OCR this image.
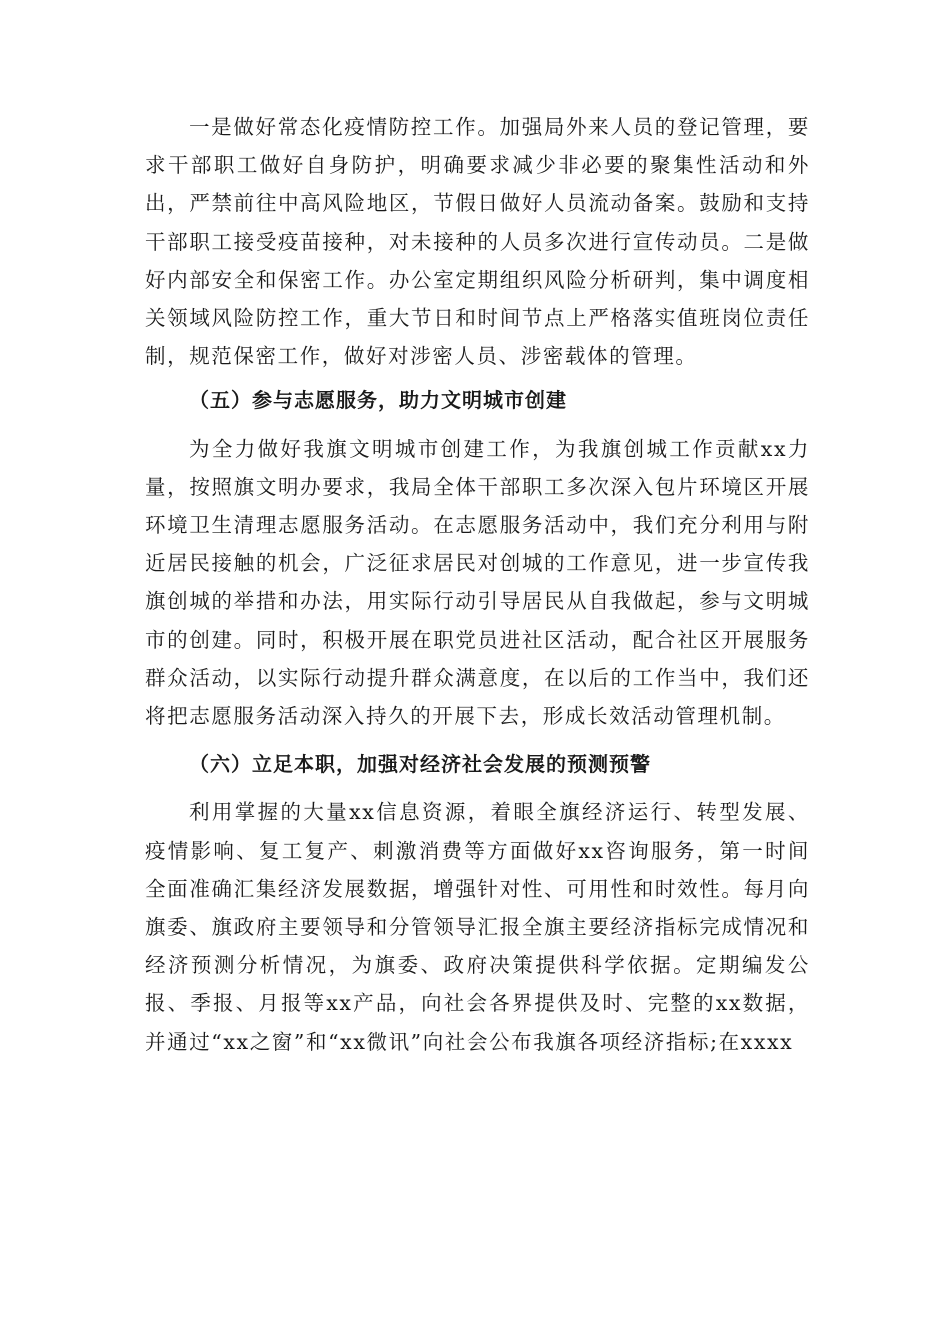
一是做好常态化疫情防控工作。加强局外来人员的登记管理，要求干部职工做好自身防护，明确要求减少非必要的聚集性活动和外出，严禁前往中高风险地区，节假日做好人员流动备案。鼓励和支持干部职工接受疫苗接种，对未接种的人员多次进行宣传动员。二是做好内部安全和保密工作。办公室定期组织风险分析研判，集中调度相关领域风险防控工作，重大节日和时间节点上严格落实值班岗位责任制，规范保密工作，做好对涉密人员、涉密载体的管理。

（五）参与志愿服务，助力文明城市创建

为全力做好我旗文明城市创建工作，为我旗创城工作贡献xx力量，按照旗文明办要求，我局全体干部职工多次深入包片环境区开展环境卫生清理志愿服务活动。在志愿服务活动中，我们充分利用与附近居民接触的机会，广泛征求居民对创城的工作意见，进一步宣传我旗创城的举措和办法，用实际行动引导居民从自我做起，参与文明城市的创建。同时，积极开展在职党员进社区活动，配合社区开展服务群众活动，以实际行动提升群众满意度，在以后的工作当中，我们还将把志愿服务活动深入持久的开展下去，形成长效活动管理机制。

（六）立足本职，加强对经济社会发展的预测预警

利用掌握的大量xx信息资源，着眼全旗经济运行、转型发展、疫情影响、复工复产、刺激消费等方面做好xx咨询服务，第一时间全面准确汇集经济发展数据，增强针对性、可用性和时效性。每月向旗委、旗政府主要领导和分管领导汇报全旗主要经济指标完成情况和经济预测分析情况，为旗委、政府决策提供科学依据。定期编发公报、季报、月报等xx产品，向社会各界提供及时、完整的xx数据，并通过“xx之窗”和“xx微讯”向社会公布我旗各项经济指标;在xxxx
